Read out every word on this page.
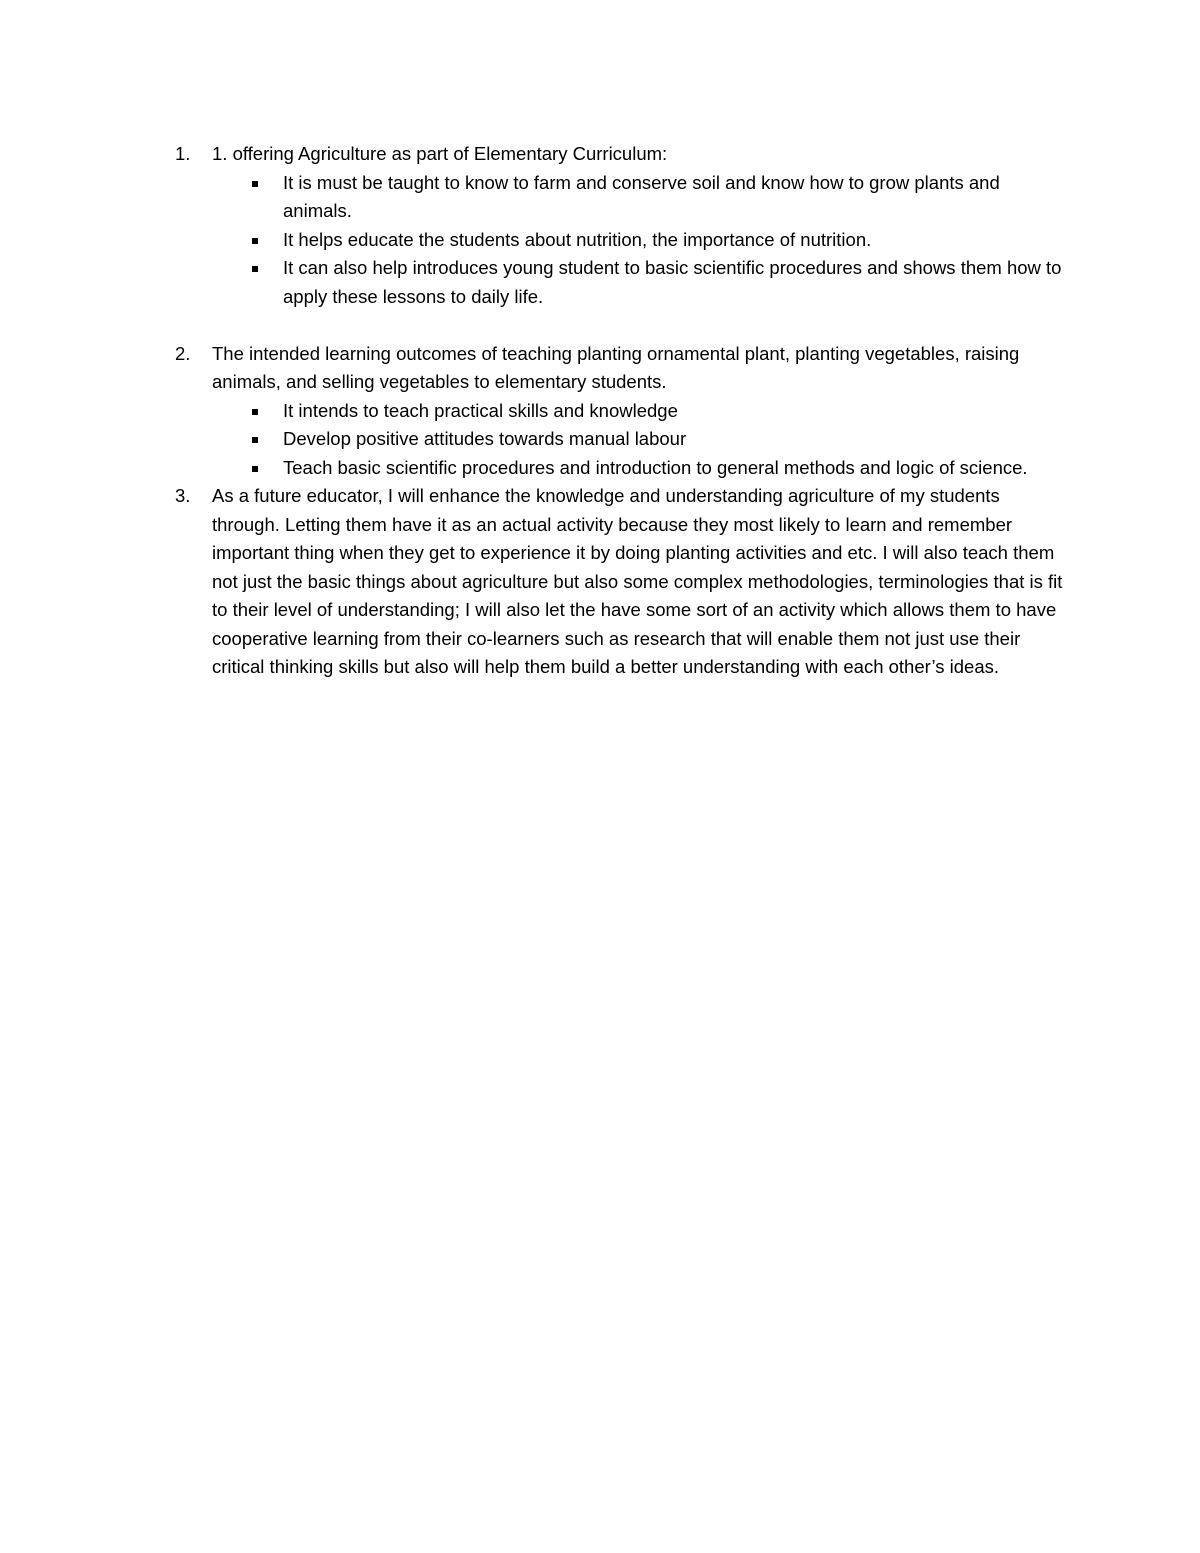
1.	1. offering Agriculture as part of Elementary Curriculum:
It is must be taught to know to farm and conserve soil and know how to grow plants and animals.
It helps educate the students about nutrition, the importance of nutrition.
It can also help introduces young student to basic scientific procedures and shows them how to apply these lessons to daily life.
2.	The intended learning outcomes of teaching planting ornamental plant, planting vegetables, raising animals, and selling vegetables to elementary students.
It intends to teach practical skills and knowledge
Develop positive attitudes towards manual labour
Teach basic scientific procedures and introduction to general methods and logic of science.
3.	As a future educator, I will enhance the knowledge and understanding agriculture of my students through. Letting them have it as an actual activity because they most likely to learn and remember important thing when they get to experience it by doing planting activities and etc. I will also teach them not just the basic things about agriculture but also some complex methodologies, terminologies that is fit to their level of understanding; I will also let the have some sort of an activity which allows them to have cooperative learning from their co-learners such as research that will enable them not just use their critical thinking skills but also will help them build a better understanding with each other’s ideas.
